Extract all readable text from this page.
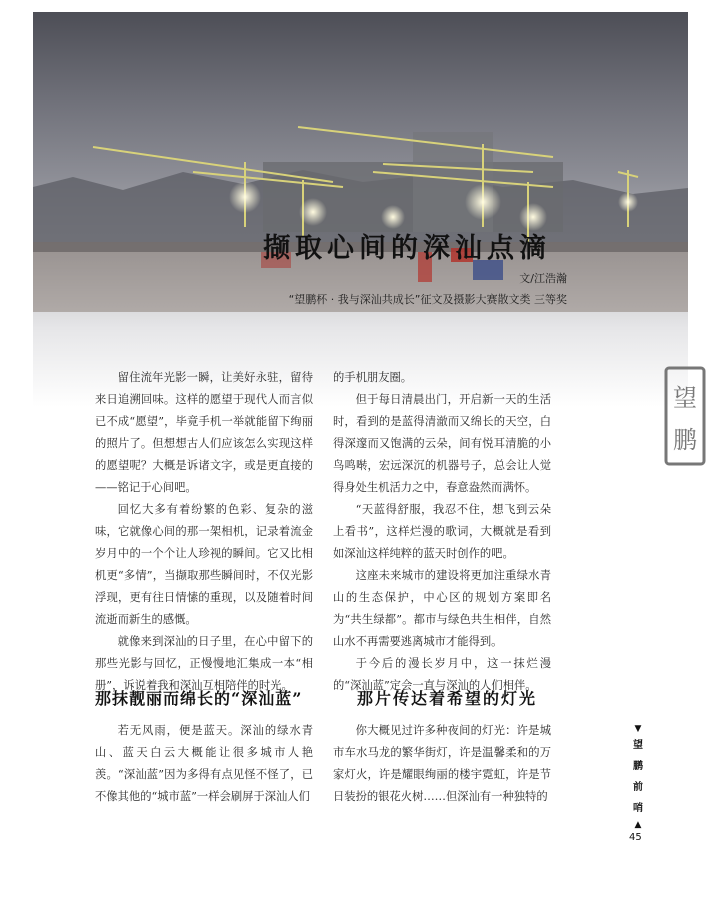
撷取心间的深汕点滴
文/江浩瀚
“望鹏杯 · 我与深汕共成长”征文及摄影大赛散文类 三等奖
望
鹏

留住流年光影一瞬，让美好永驻，留待来日追溯回味。这样的愿望于现代人而言似已不成“愿望”，毕竟手机一举就能留下绚丽的照片了。但想想古人们应该怎么实现这样的愿望呢？大概是诉诸文字，或是更直接的——铭记于心间吧。

回忆大多有着纷繁的色彩、复杂的滋味，它就像心间的那一架相机，记录着流金岁月中的一个个让人珍视的瞬间。它又比相机更“多情”，当撷取那些瞬间时，不仅光影浮现，更有往日情愫的重现，以及随着时间流逝而新生的感慨。

就像来到深汕的日子里，在心中留下的那些光影与回忆，正慢慢地汇集成一本“相册”，诉说着我和深汕互相陪伴的时光。

的手机朋友圈。

但于每日清晨出门，开启新一天的生活时，看到的是蓝得清澈而又绵长的天空，白得深邃而又饱满的云朵，间有悦耳清脆的小鸟鸣啭，宏远深沉的机器号子，总会让人觉得身处生机活力之中，春意盎然而满怀。

“天蓝得舒服，我忍不住，想飞到云朵上看书”，这样烂漫的歌词，大概就是看到如深汕这样纯粹的蓝天时创作的吧。

这座未来城市的建设将更加注重绿水青山的生态保护，中心区的规划方案即名为“共生绿都”。都市与绿色共生相伴，自然山水不再需要逃离城市才能得到。

于今后的漫长岁月中，这一抹烂漫的“深汕蓝”定会一直与深汕的人们相伴。

那抹靓丽而绵长的“深汕蓝”	那片传达着希望的灯光

若无风雨，便是蓝天。深汕的绿水青山、蓝天白云大概能让很多城市人艳羡。“深汕蓝”因为多得有点见怪不怪了，已不像其他的“城市蓝”一样会刷屏于深汕人们

你大概见过许多种夜间的灯光：许是城市车水马龙的繁华街灯，许是温馨柔和的万家灯火，许是耀眼绚丽的楼宇霓虹，许是节日装扮的银花火树……但深汕有一种独特的

▼
望
鹏
前
哨
▲
45
